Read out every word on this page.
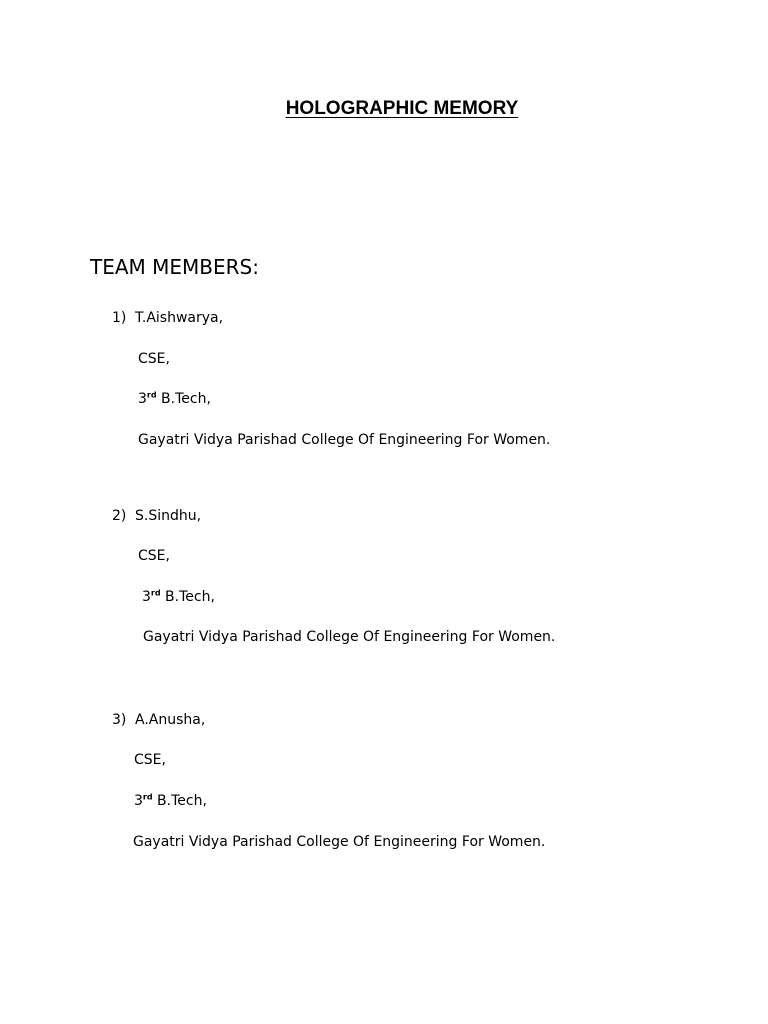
HOLOGRAPHIC MEMORY
TEAM MEMBERS:
1) T.Aishwarya,
CSE,
3rd B.Tech,
Gayatri Vidya Parishad College Of Engineering For Women.
2) S.Sindhu,
CSE,
3rd B.Tech,
Gayatri Vidya Parishad College Of Engineering For Women.
3) A.Anusha,
CSE,
3rd B.Tech,
Gayatri Vidya Parishad College Of Engineering For Women.
